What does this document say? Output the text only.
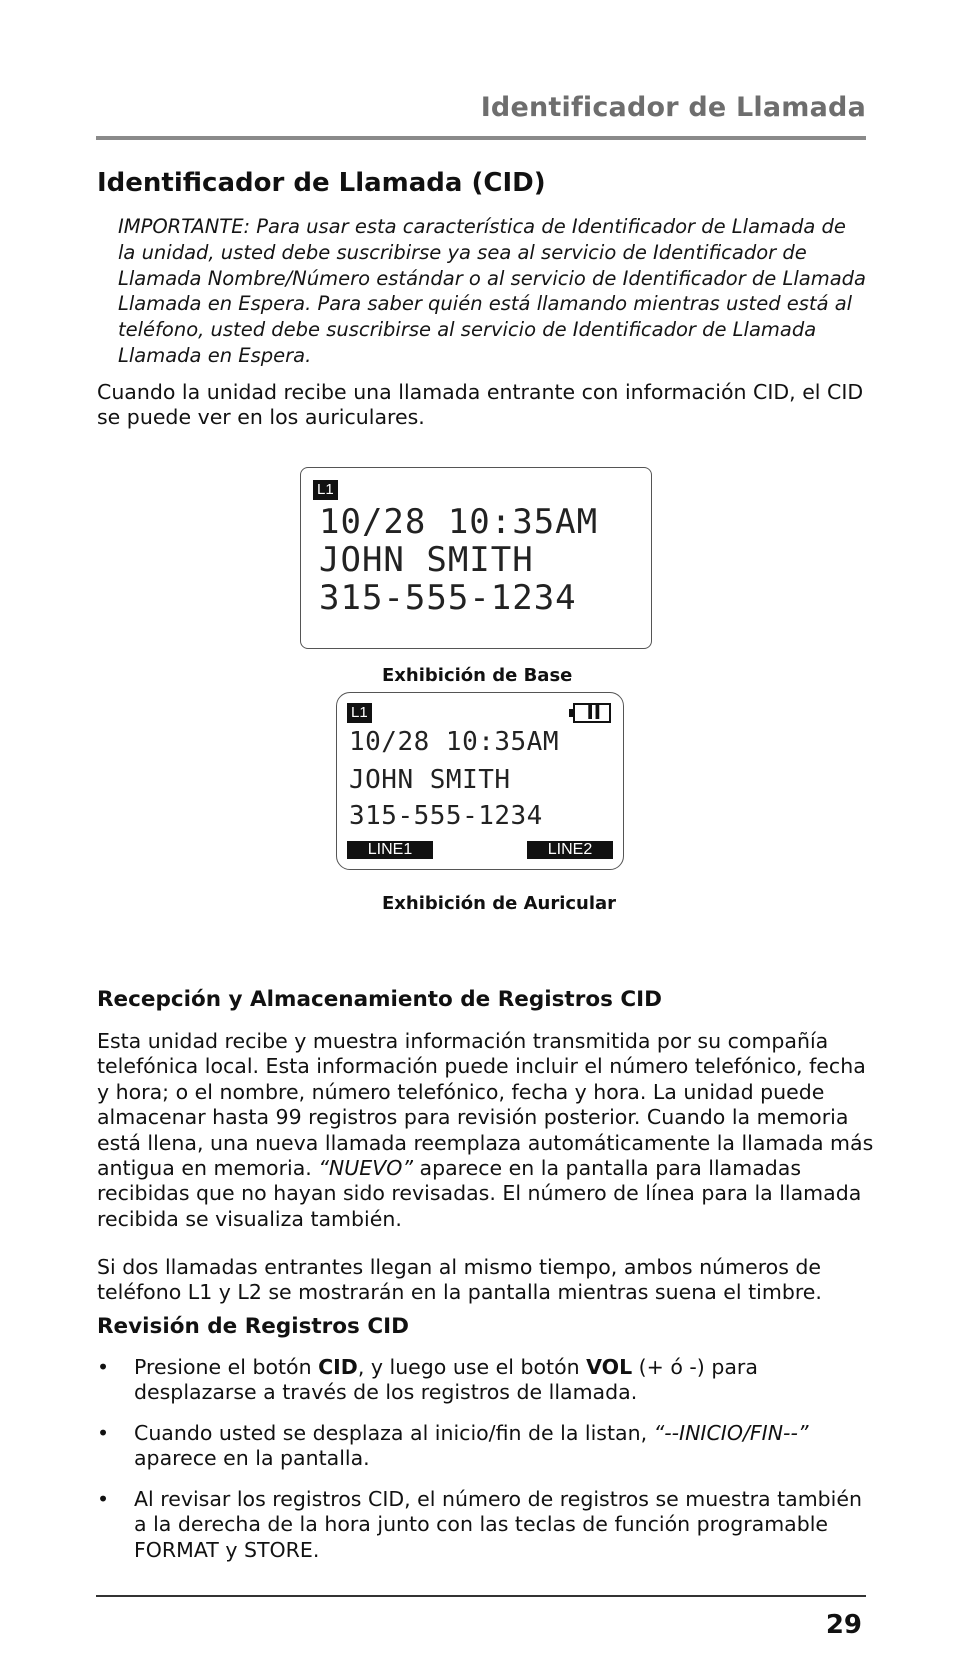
Identificador de Llamada
Identificador de Llamada (CID)

IMPORTANTE: Para usar esta característica de Identificador de Llamada de la unidad, usted debe suscribirse ya sea al servicio de Identificador de Llamada Nombre/Número estándar o al servicio de Identificador de Llamada Llamada en Espera. Para saber quién está llamando mientras usted está al teléfono, usted debe suscribirse al servicio de Identificador de Llamada Llamada en Espera.

Cuando la unidad recibe una llamada entrante con información CID, el CID se puede ver en los auriculares.

L1
10/28 10:35AM
JOHN SMITH
315-555-1234
Exhibición de Base
L1	▐▐
10/28 10:35AM
JOHN SMITH
315-555-1234
LINE1	LINE2
Exhibición de Auricular
Recepción y Almacenamiento de Registros CID

Esta unidad recibe y muestra información transmitida por su compañía telefónica local. Esta información puede incluir el número telefónico, fecha y hora; o el nombre, número telefónico, fecha y hora. La unidad puede almacenar hasta 99 registros para revisión posterior. Cuando la memoria está llena, una nueva llamada reemplaza automáticamente la llamada más antigua en memoria. “NUEVO” aparece en la pantalla para llamadas recibidas que no hayan sido revisadas. El número de línea para la llamada recibida se visualiza también.

Si dos llamadas entrantes llegan al mismo tiempo, ambos números de teléfono L1 y L2 se mostrarán en la pantalla mientras suena el timbre.

Revisión de Registros CID
•	Presione el botón CID, y luego use el botón VOL (+ ó -) para desplazarse a través de los registros de llamada.
•	Cuando usted se desplaza al inicio/fin de la listan, “--INICIO/FIN--” aparece en la pantalla.
•	Al revisar los registros CID, el número de registros se muestra también a la derecha de la hora junto con las teclas de función programable FORMAT y STORE.
29
